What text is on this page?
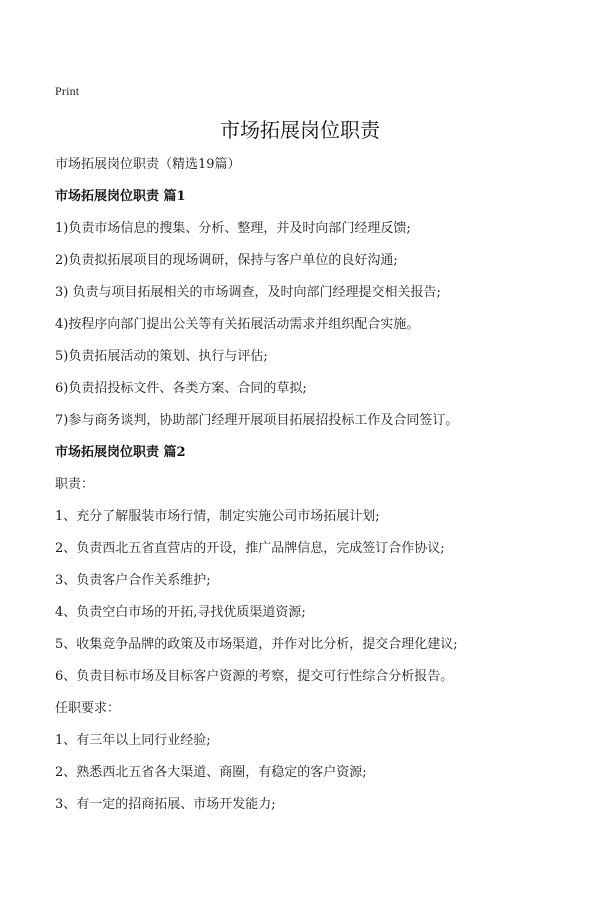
Print
市场拓展岗位职责
市场拓展岗位职责（精选19篇）
市场拓展岗位职责 篇1
1)负责市场信息的搜集、分析、整理，并及时向部门经理反馈;
2)负责拟拓展项目的现场调研，保持与客户单位的良好沟通;
3) 负责与项目拓展相关的市场调查，及时向部门经理提交相关报告;
4)按程序向部门提出公关等有关拓展活动需求并组织配合实施。
5)负责拓展活动的策划、执行与评估;
6)负责招投标文件、各类方案、合同的草拟;
7)参与商务谈判，协助部门经理开展项目拓展招投标工作及合同签订。
市场拓展岗位职责 篇2
职责：
1、充分了解服装市场行情，制定实施公司市场拓展计划;
2、负责西北五省直营店的开设，推广品牌信息，完成签订合作协议;
3、负责客户合作关系维护;
4、负责空白市场的开拓,寻找优质渠道资源;
5、收集竞争品牌的政策及市场渠道，并作对比分析，提交合理化建议;
6、负责目标市场及目标客户资源的考察，提交可行性综合分析报告。
任职要求：
1、有三年以上同行业经验;
2、熟悉西北五省各大渠道、商圈，有稳定的客户资源;
3、有一定的招商拓展、市场开发能力;
